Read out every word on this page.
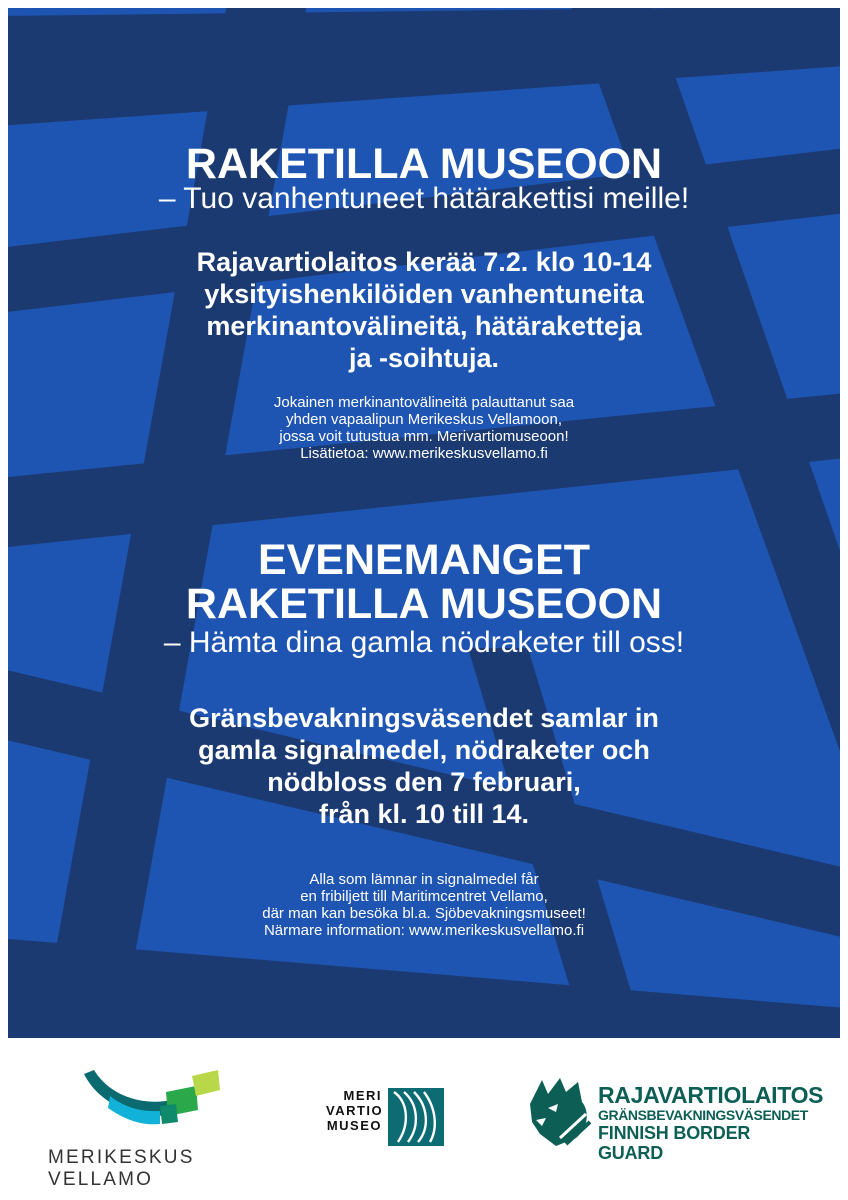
RAKETILLA MUSEOON

– Tuo vanhentuneet hätärakettisi meille!

Rajavartiolaitos kerää 7.2. klo 10-14
yksityishenkilöiden vanhentuneita
merkinantovälineitä, hätäraketteja
ja -soihtuja.

Jokainen merkinantovälineitä palauttanut saa
yhden vapaalipun Merikeskus Vellamoon,
jossa voit tutustua mm. Merivartiomuseoon!
Lisätietoa: www.merikeskusvellamo.fi

EVENEMANGET
RAKETILLA MUSEOON

– Hämta dina gamla nödraketer till oss!

Gränsbevakningsväsendet samlar in
gamla signalmedel, nödraketer och
nödbloss den 7 februari,
från kl. 10 till 14.

Alla som lämnar in signalmedel får
en fribiljett till Maritimcentret Vellamo,
där man kan besöka bl.a. Sjöbevakningsmuseet!
Närmare information: www.merikeskusvellamo.fi

MERIKESKUS VELLAMO
MERI
VARTIO
MUSEO
RAJAVARTIOLAITOS
GRÄNSBEVAKNINGSVÄSENDET
FINNISH BORDER GUARD
